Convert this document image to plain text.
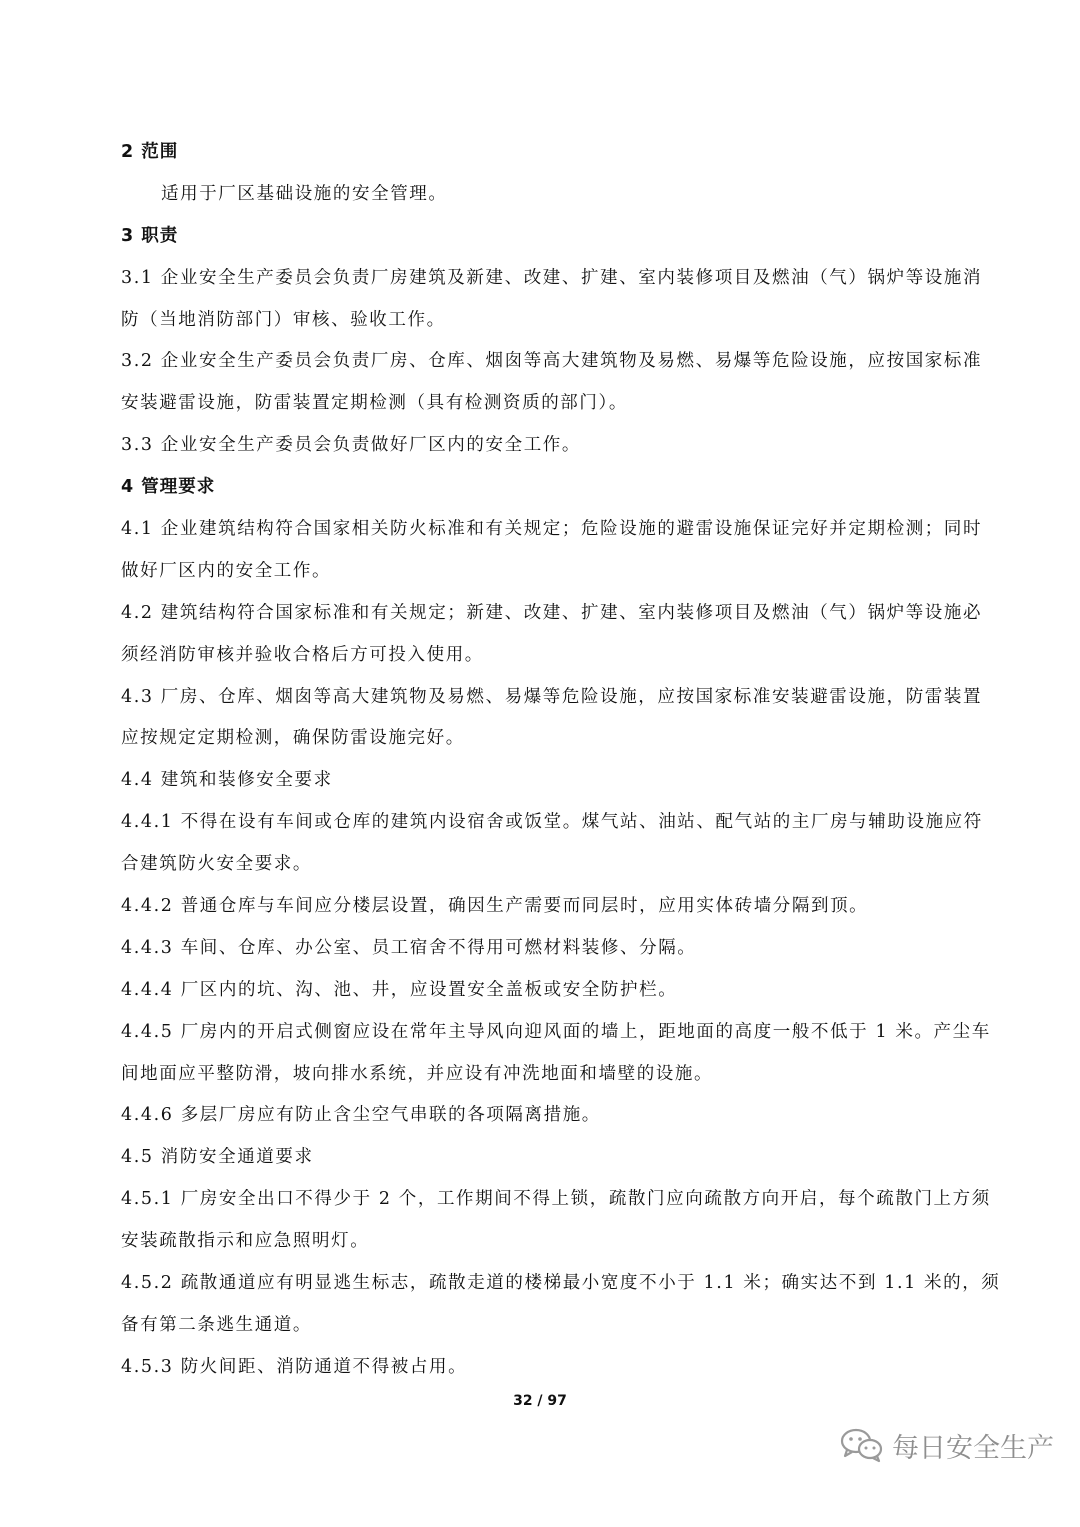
2 范围
适用于厂区基础设施的安全管理。
3 职责
3.1 企业安全生产委员会负责厂房建筑及新建、改建、扩建、室内装修项目及燃油（气）锅炉等设施消
防（当地消防部门）审核、验收工作。
3.2 企业安全生产委员会负责厂房、仓库、烟囱等高大建筑物及易燃、易爆等危险设施，应按国家标准
安装避雷设施，防雷装置定期检测（具有检测资质的部门）。
3.3 企业安全生产委员会负责做好厂区内的安全工作。
4 管理要求
4.1 企业建筑结构符合国家相关防火标准和有关规定；危险设施的避雷设施保证完好并定期检测；同时
做好厂区内的安全工作。
4.2 建筑结构符合国家标准和有关规定；新建、改建、扩建、室内装修项目及燃油（气）锅炉等设施必
须经消防审核并验收合格后方可投入使用。
4.3 厂房、仓库、烟囱等高大建筑物及易燃、易爆等危险设施，应按国家标准安装避雷设施，防雷装置
应按规定定期检测，确保防雷设施完好。
4.4 建筑和装修安全要求
4.4.1 不得在设有车间或仓库的建筑内设宿舍或饭堂。煤气站、油站、配气站的主厂房与辅助设施应符
合建筑防火安全要求。
4.4.2 普通仓库与车间应分楼层设置，确因生产需要而同层时，应用实体砖墙分隔到顶。
4.4.3 车间、仓库、办公室、员工宿舍不得用可燃材料装修、分隔。
4.4.4 厂区内的坑、沟、池、井，应设置安全盖板或安全防护栏。
4.4.5 厂房内的开启式侧窗应设在常年主导风向迎风面的墙上，距地面的高度一般不低于 1 米。产尘车
间地面应平整防滑，坡向排水系统，并应设有冲洗地面和墙壁的设施。
4.4.6 多层厂房应有防止含尘空气串联的各项隔离措施。
4.5 消防安全通道要求
4.5.1 厂房安全出口不得少于 2 个，工作期间不得上锁，疏散门应向疏散方向开启，每个疏散门上方须
安装疏散指示和应急照明灯。
4.5.2 疏散通道应有明显逃生标志，疏散走道的楼梯最小宽度不小于 1.1 米；确实达不到 1.1 米的，须
备有第二条逃生通道。
4.5.3 防火间距、消防通道不得被占用。
32 / 97
每日安全生产
